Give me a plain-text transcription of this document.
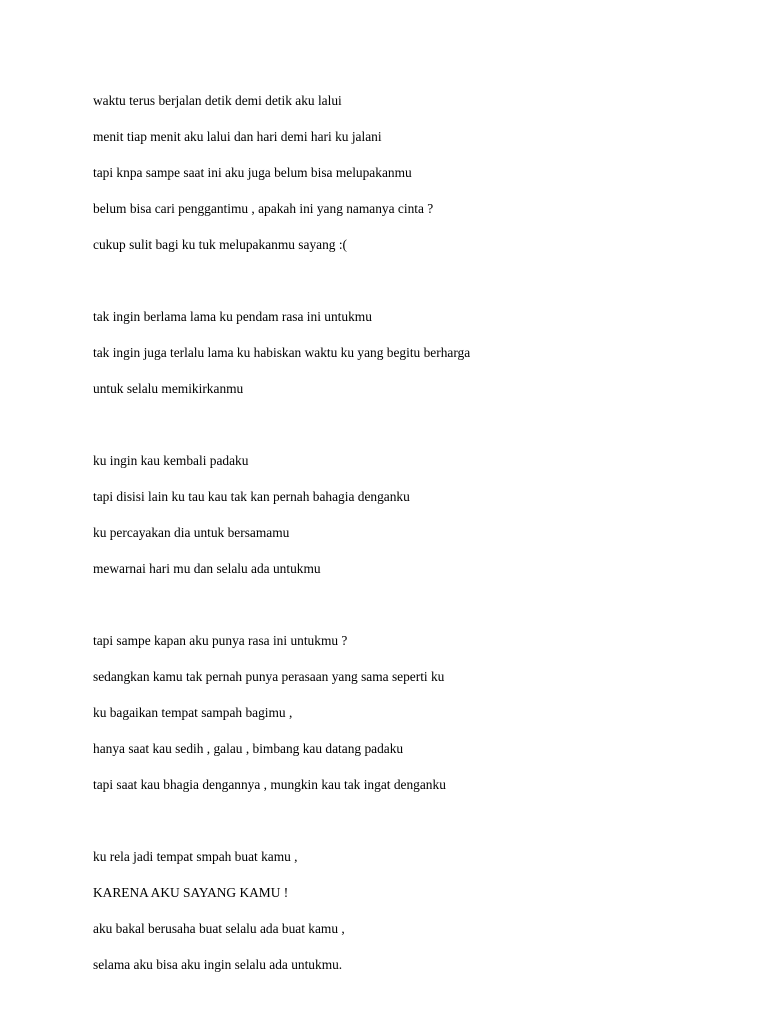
waktu terus berjalan detik demi detik aku lalui
menit tiap menit aku lalui dan hari demi hari ku jalani
tapi knpa sampe saat ini aku juga belum bisa melupakanmu
belum bisa cari penggantimu , apakah ini yang namanya cinta ?
cukup sulit bagi ku tuk melupakanmu sayang :(
tak ingin berlama lama ku pendam rasa ini untukmu
tak ingin juga terlalu lama ku habiskan waktu ku yang begitu berharga
untuk selalu memikirkanmu
ku ingin kau kembali padaku
tapi disisi lain ku tau kau tak kan pernah bahagia denganku
ku percayakan dia untuk bersamamu
mewarnai hari mu dan selalu ada untukmu
tapi sampe kapan aku punya rasa ini untukmu ?
sedangkan kamu tak pernah punya perasaan yang sama seperti ku
ku bagaikan tempat sampah bagimu ,
hanya saat kau sedih , galau , bimbang kau datang padaku
tapi saat kau bhagia dengannya , mungkin kau tak ingat denganku
ku rela jadi tempat smpah buat kamu ,
KARENA AKU SAYANG KAMU !
aku bakal berusaha buat selalu ada buat kamu ,
selama aku bisa aku ingin selalu ada untukmu.
